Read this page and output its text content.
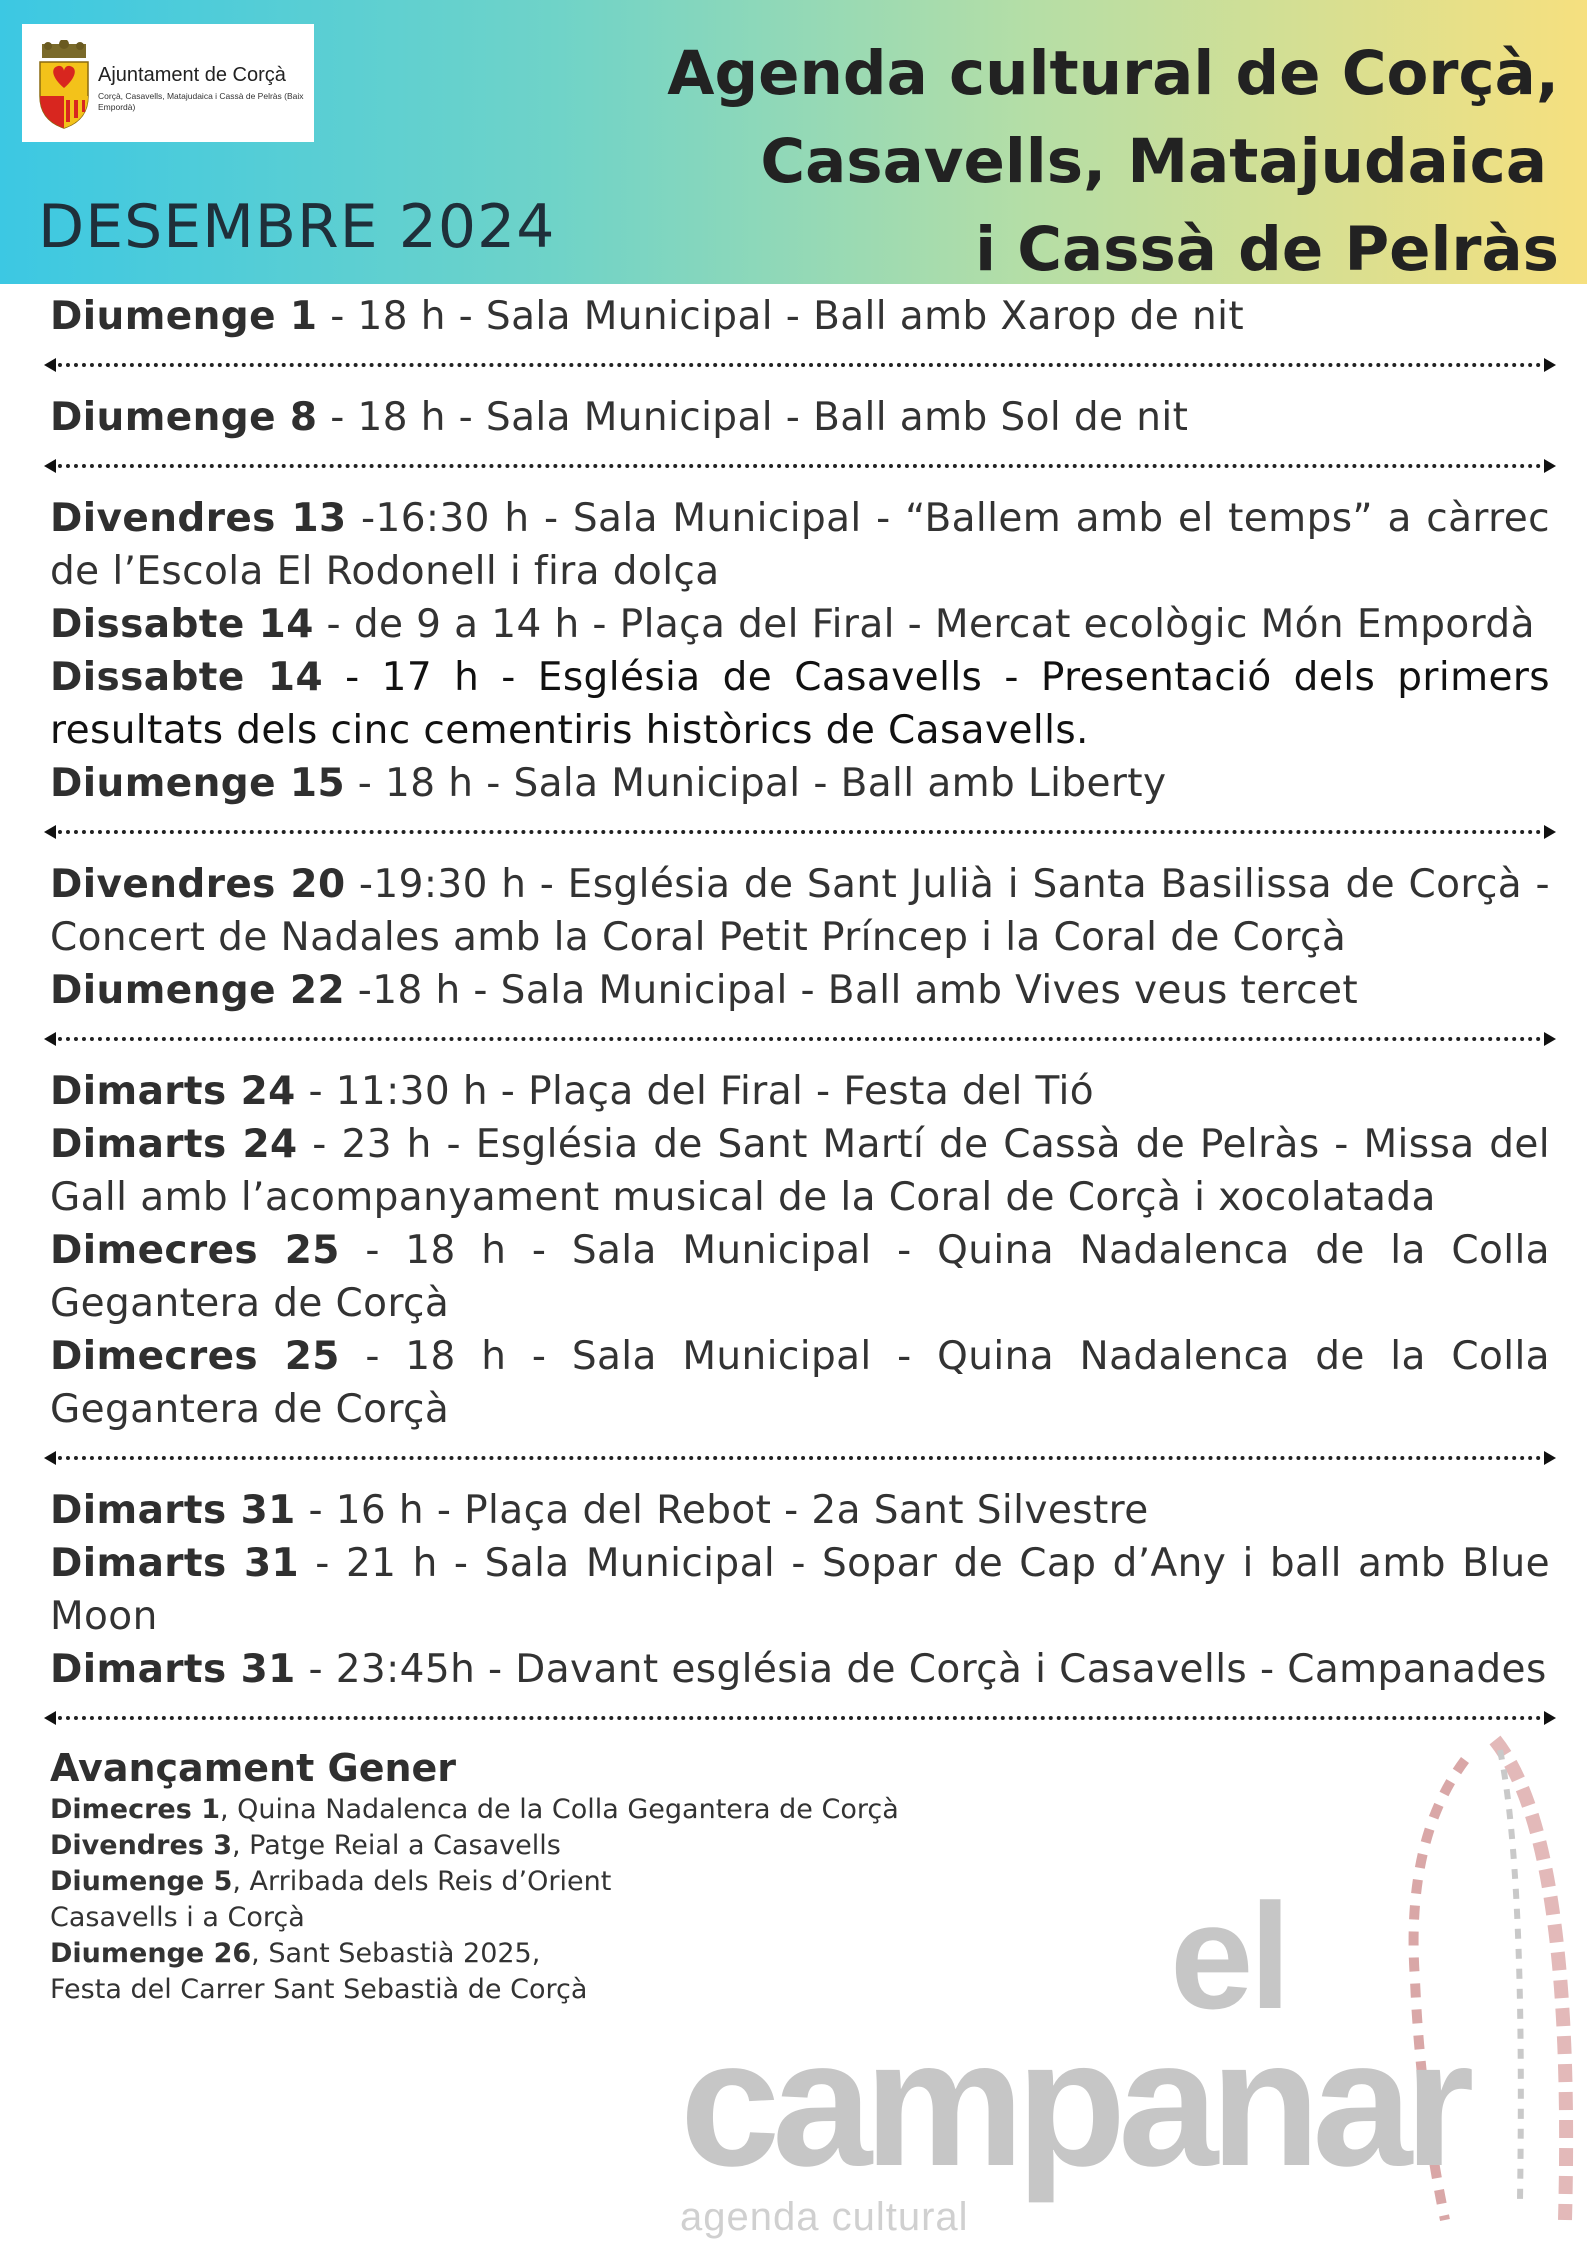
Ajuntament de Corçà
Corçà, Casavells, Matajudaica i Cassà de Pelràs (Baix Empordà)
DESEMBRE 2024
Agenda cultural de Corçà,
Casavells, Matajudaica
i Cassà de Pelràs

Diumenge 1 - 18 h - Sala Municipal - Ball amb Xarop de nit

Diumenge 8 - 18 h - Sala Municipal - Ball amb Sol de nit

Divendres 13 -16:30 h - Sala Municipal - “Ballem amb el temps” a càrrec de l’Escola El Rodonell i fira dolça

Dissabte 14 - de 9 a 14 h - Plaça del Firal - Mercat ecològic Món Empordà

Dissabte 14 - 17 h - Església de Casavells - Presentació dels primers resultats dels cinc cementiris històrics de Casavells.

Diumenge 15 - 18 h - Sala Municipal - Ball amb Liberty

Divendres 20 -19:30 h - Església de Sant Julià i Santa Basilissa de Corçà - Concert de Nadales amb la Coral Petit Príncep i la Coral de Corçà

Diumenge 22 -18 h - Sala Municipal - Ball amb Vives veus tercet

Dimarts 24 - 11:30 h - Plaça del Firal - Festa del Tió

Dimarts 24 - 23 h - Església de Sant Martí de Cassà de Pelràs - Missa del Gall amb l’acompanyament musical de la Coral de Corçà i xocolatada

Dimecres 25 - 18 h - Sala Municipal - Quina Nadalenca de la Colla Gegantera de Corçà

Dimecres 25 - 18 h - Sala Municipal - Quina Nadalenca de la Colla Gegantera de Corçà

Dimarts 31 - 16 h - Plaça del Rebot - 2a Sant Silvestre

Dimarts 31 - 21 h - Sala Municipal - Sopar de Cap d’Any i ball amb Blue Moon

Dimarts 31 - 23:45h - Davant església de Corçà i Casavells - Campanades

Avançament Gener
Dimecres 1, Quina Nadalenca de la Colla Gegantera de Corçà
Divendres 3, Patge Reial a Casavells
Diumenge 5, Arribada dels Reis d’Orient
Casavells i a Corçà
Diumenge 26, Sant Sebastià 2025,
Festa del Carrer Sant Sebastià de Corçà	el
campanar
agenda cultural
